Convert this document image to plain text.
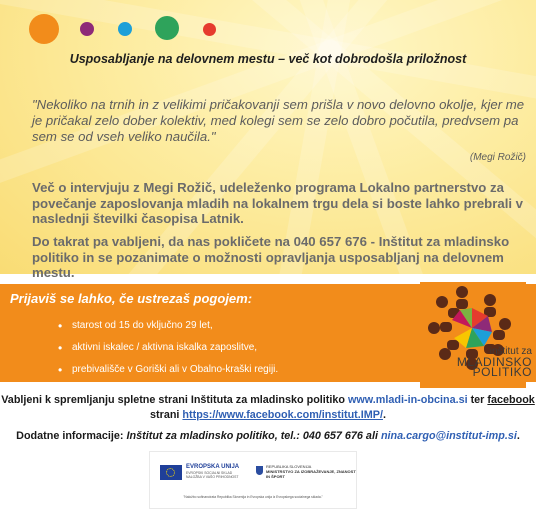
Usposabljanje na delovnem mestu – več kot dobrodošla priložnost
"Nekoliko na trnih in z velikimi pričakovanji sem prišla v novo delovno okolje, kjer me je pričakal zelo dober kolektiv, med kolegi sem se zelo dobro počutila, predvsem pa sem se od vseh veliko naučila."
(Megi Rožič)
Več o intervjuju z Megi Rožič, udeleženko programa Lokalno partnerstvo za povečanje zaposlovanja mladih na lokalnem trgu dela si boste lahko prebrali v naslednji številki časopisa Latnik.
Do takrat pa vabljeni, da nas pokličete na 040 657 676 - Inštitut za mladinsko politiko in se pozanimate o možnosti opravljanja usposabljanj na delovnem mestu.
Prijaviš se lahko, če ustrezaš pogojem:
• starost od 15 do vključno 29 let,
• aktivni iskalec / aktivna iskalka zaposlitve,
• prebivališče v Goriški ali v Obalno-kraški regiji.
inštitut za
MLADINSKO
POLITIKO
Vabljeni k spremljanju spletne strani Inštituta za mladinsko politiko www.mladi-in-obcina.si ter facebook
strani https://www.facebook.com/institut.IMP/.
Dodatne informacije: Inštitut za mladinsko politiko, tel.: 040 657 676 ali nina.cargo@institut-imp.si.
EVROPSKA UNIJA
EVROPSKI SOCIALNI SKLAD NALOŽBA V VAŠO PRIHODNOST
REPUBLIKA SLOVENIJA
MINISTRSTVO ZA IZOBRAŽEVANJE, ZNANOST IN ŠPORT
"Naložbo sofinancirata Republika Slovenija in Evropska unija iz Evropskega socialnega sklada."
